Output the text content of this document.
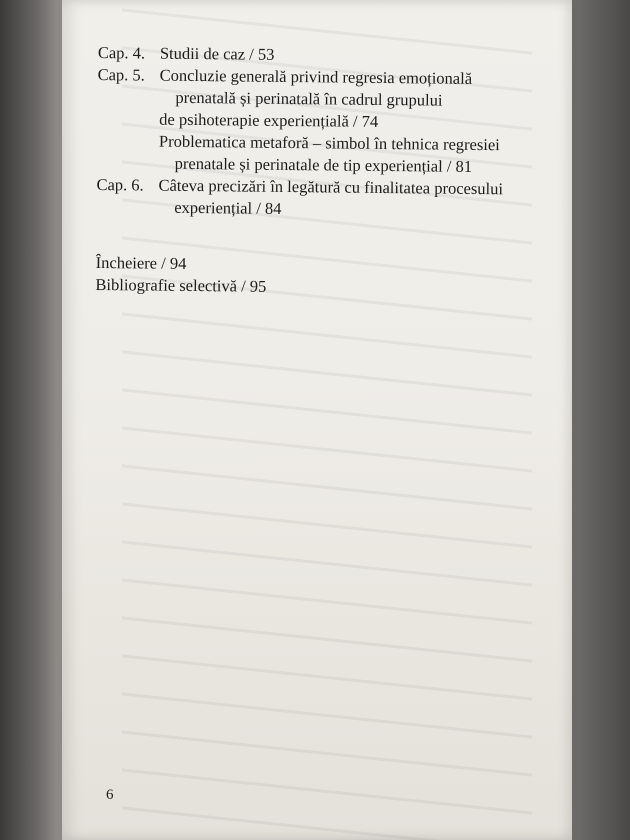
Cap. 4. Studii de caz / 53
Cap. 5. Concluzie generală privind regresia emoțională
prenatală și perinatală în cadrul grupului
de psihoterapie experiențială / 74
Problematica metaforă – simbol în tehnica regresiei
prenatale și perinatale de tip experiențial / 81
Cap. 6. Câteva precizări în legătură cu finalitatea procesului
experiențial / 84
Încheiere / 94
Bibliografie selectivă / 95
6
